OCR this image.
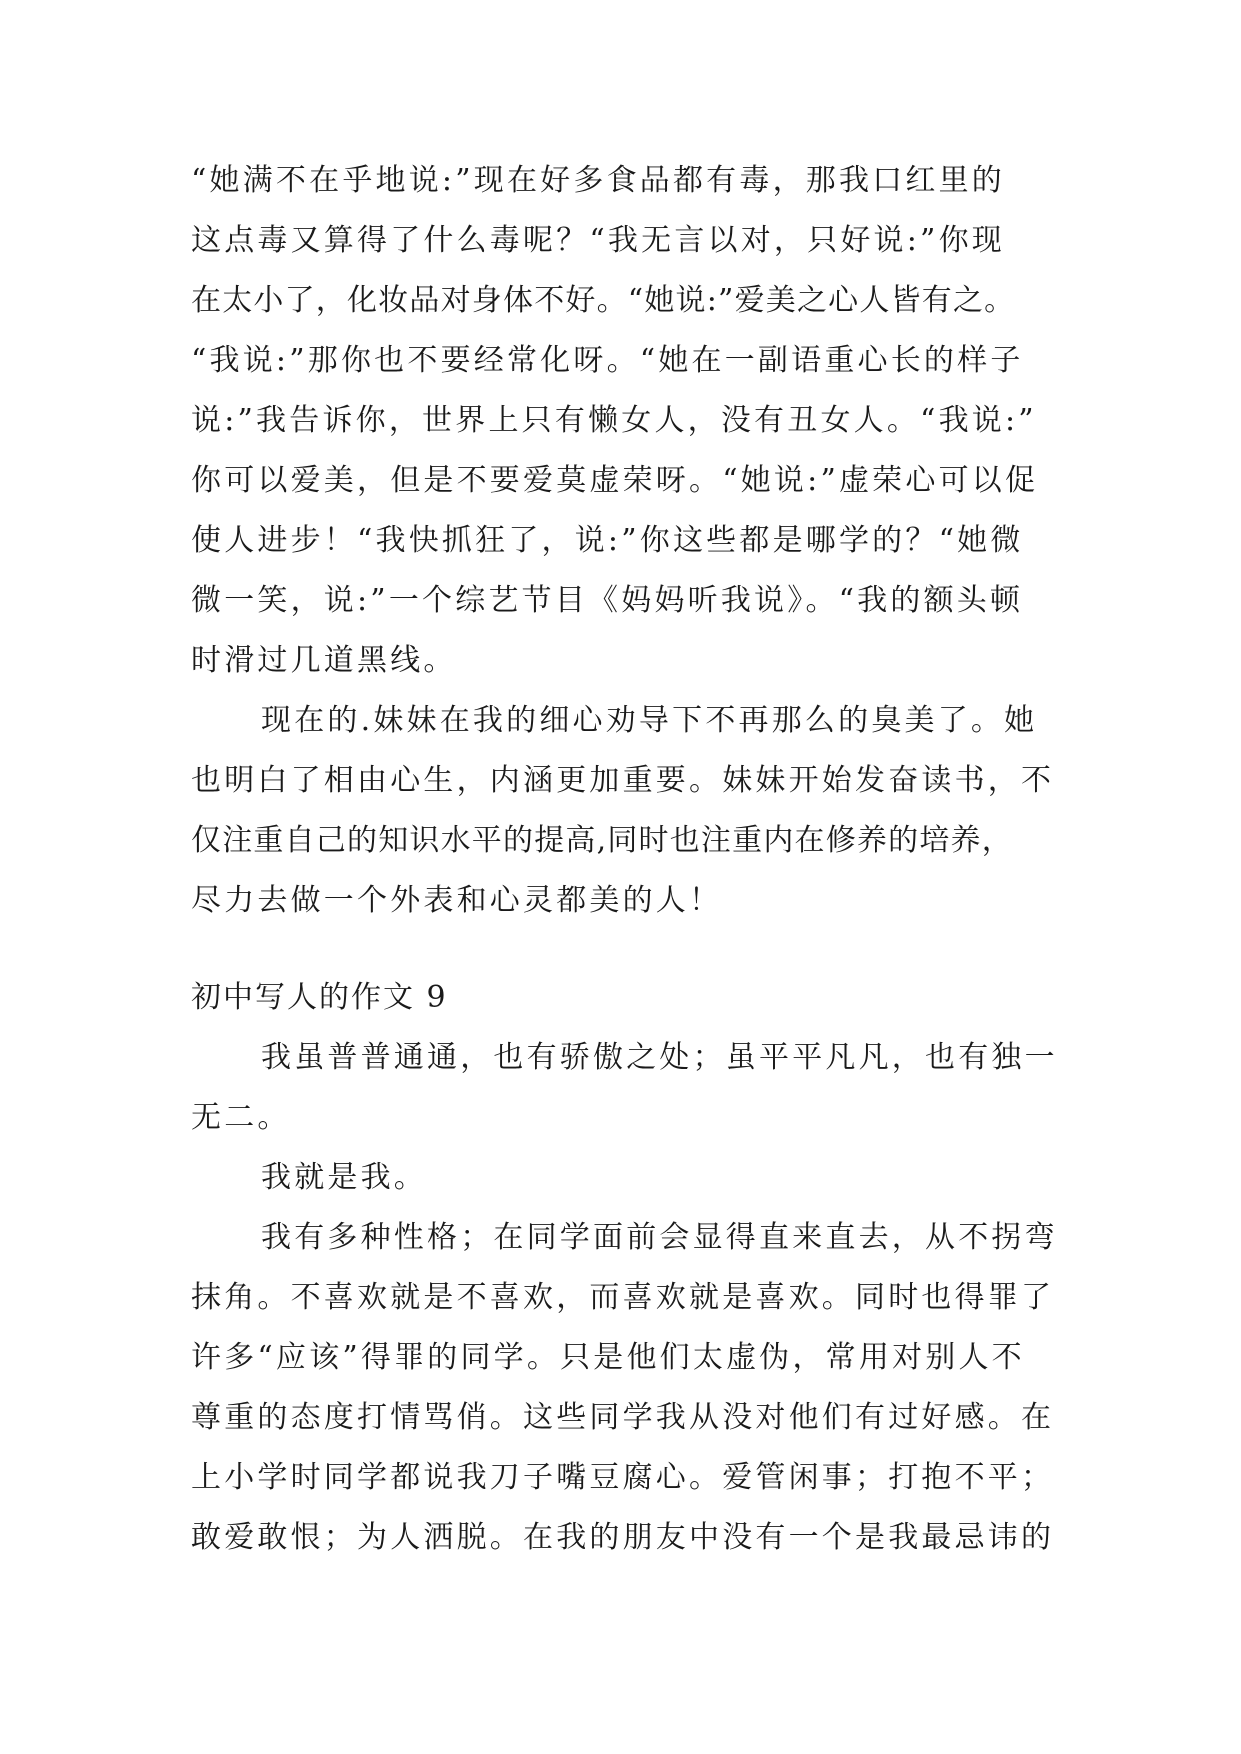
“她满不在乎地说:”现在好多食品都有毒，那我口红里的
这点毒又算得了什么毒呢？“我无言以对，只好说:”你现
在太小了，化妆品对身体不好。“她说:”爱美之心人皆有之。
“我说:”那你也不要经常化呀。“她在一副语重心长的样子
说:”我告诉你，世界上只有懒女人，没有丑女人。“我说:”
你可以爱美，但是不要爱莫虚荣呀。“她说:”虚荣心可以促
使人进步！“我快抓狂了，说:”你这些都是哪学的？“她微
微一笑，说:”一个综艺节目《妈妈听我说》。“我的额头顿
时滑过几道黑线。
现在的.妹妹在我的细心劝导下不再那么的臭美了。她
也明白了相由心生，内涵更加重要。妹妹开始发奋读书，不
仅注重自己的知识水平的提高,同时也注重内在修养的培养，
尽力去做一个外表和心灵都美的人！
初中写人的作文 9
我虽普普通通，也有骄傲之处；虽平平凡凡，也有独一
无二。
我就是我。
我有多种性格；在同学面前会显得直来直去，从不拐弯
抹角。不喜欢就是不喜欢，而喜欢就是喜欢。同时也得罪了
许多“应该”得罪的同学。只是他们太虚伪，常用对别人不
尊重的态度打情骂俏。这些同学我从没对他们有过好感。在
上小学时同学都说我刀子嘴豆腐心。爱管闲事；打抱不平；
敢爱敢恨；为人洒脱。在我的朋友中没有一个是我最忌讳的
